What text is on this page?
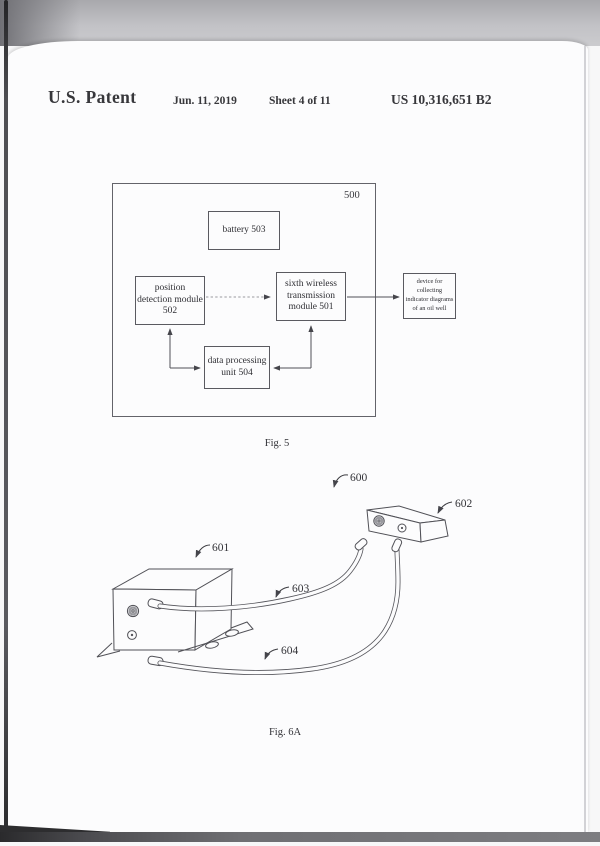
U.S. Patent	Jun. 11, 2019	Sheet 4 of 11	US 10,316,651 B2
500
battery 503
position detection module 502
sixth wireless transmission module 501
data processing unit 504
device for collecting indicator diagrams of an oil well
Fig. 5
Fig. 6A
600
602
601
603
604
